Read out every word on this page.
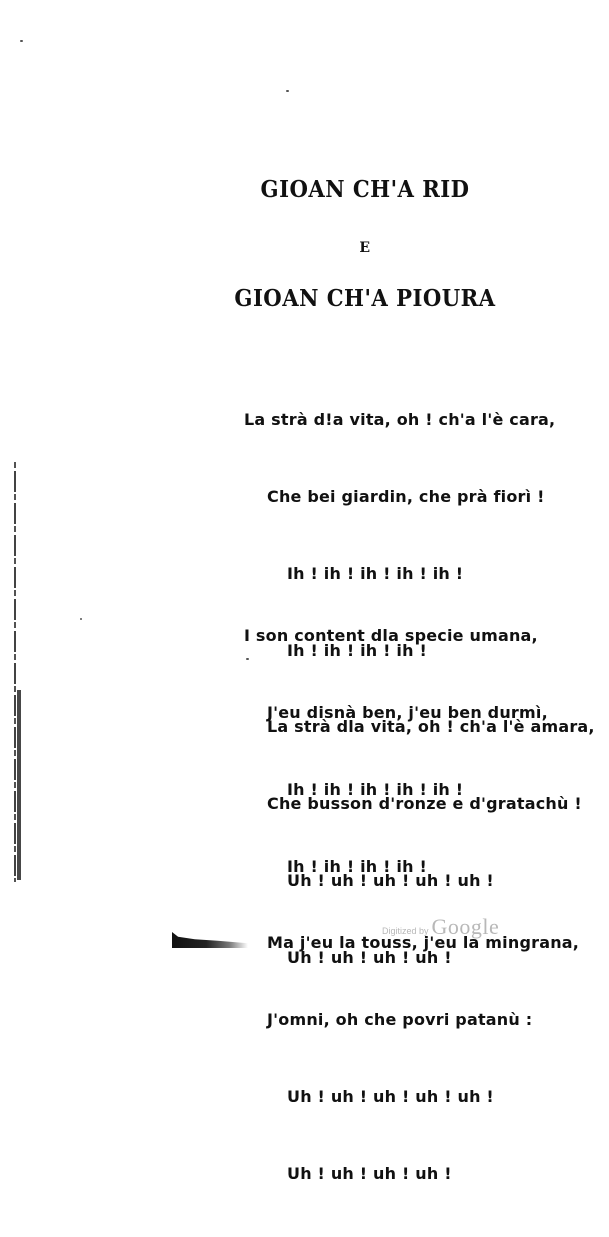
GIOAN CH'A RID
E
GIOAN CH'A PIOURA

La strà d!a vita, oh ! ch'a l'è cara,

Che bei giardin, che prà fiorì !

Ih ! ih ! ih ! ih ! ih !

Ih ! ih ! ih ! ih !

La strà dla vita, oh ! ch'a l'è amara,

Che busson d'ronze e d'gratachù !

Uh ! uh ! uh ! uh ! uh !

Uh ! uh ! uh ! uh !

I son content dla specie umana,

J'eu disnà ben, j'eu ben durmì,

Ih ! ih ! ih ! ih ! ih !

Ih ! ih ! ih ! ih !

Ma j'eu la touss, j'eu la mingrana,

J'omni, oh che povri patanù :

Uh ! uh ! uh ! uh ! uh !

Uh ! uh ! uh ! uh !

Digitized by Google
